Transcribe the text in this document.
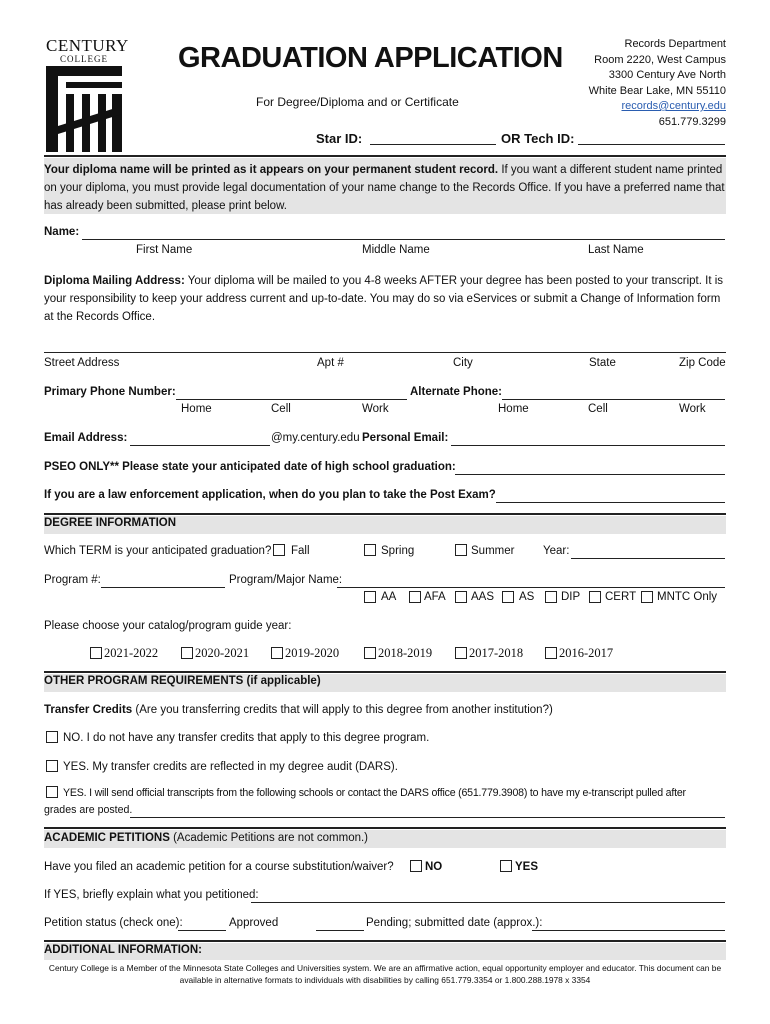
CENTURY
COLLEGE GRADUATION APPLICATION
For Degree/Diploma and or Certificate
Records Department
Room 2220, West Campus
3300 Century Ave North
White Bear Lake, MN 55110
records@century.edu
651.779.3299
Star ID:	OR Tech ID:
Your diploma name will be printed as it appears on your permanent student record. If you want a different student name printed on your diploma, you must provide legal documentation of your name change to the Records Office. If you have a preferred name that has already been submitted, please print below.
Name:
First Name	Middle Name	Last Name
Diploma Mailing Address: Your diploma will be mailed to you 4-8 weeks AFTER your degree has been posted to your transcript. It is your responsibility to keep your address current and up-to-date. You may do so via eServices or submit a Change of Information form at the Records Office.
Street Address	Apt #	City	State	Zip Code
Primary Phone Number:	Alternate Phone:
Home	Cell	Work	Home	Cell	Work
Email Address:	@my.century.edu Personal Email:
PSEO ONLY** Please state your anticipated date of high school graduation:
If you are a law enforcement application, when do you plan to take the Post Exam?
DEGREE INFORMATION
Which TERM is your anticipated graduation? Fall	Spring	Summer Year:
Program #:	Program/Major Name:
AA AFA AAS AS DIP CERT MNTC Only
Please choose your catalog/program guide year:
2021-2022	2020-2021	2019-2020	2018-2019	2017-2018	2016-2017
OTHER PROGRAM REQUIREMENTS (if applicable)
Transfer Credits (Are you transferring credits that will apply to this degree from another institution?)
NO. I do not have any transfer credits that apply to this degree program.
YES. My transfer credits are reflected in my degree audit (DARS).
YES. I will send official transcripts from the following schools or contact the DARS office (651.779.3908) to have my e-transcript pulled after
grades are posted.
ACADEMIC PETITIONS (Academic Petitions are not common.)
Have you filed an academic petition for a course substitution/waiver?	NO	YES
If YES, briefly explain what you petitioned:
Petition status (check one):	Approved	Pending; submitted date (approx.):
ADDITIONAL INFORMATION:
Century College is a Member of the Minnesota State Colleges and Universities system. We are an affirmative action, equal opportunity employer and educator. This document can be
available in alternative formats to individuals with disabilities by calling 651.779.3354 or 1.800.288.1978 x 3354
